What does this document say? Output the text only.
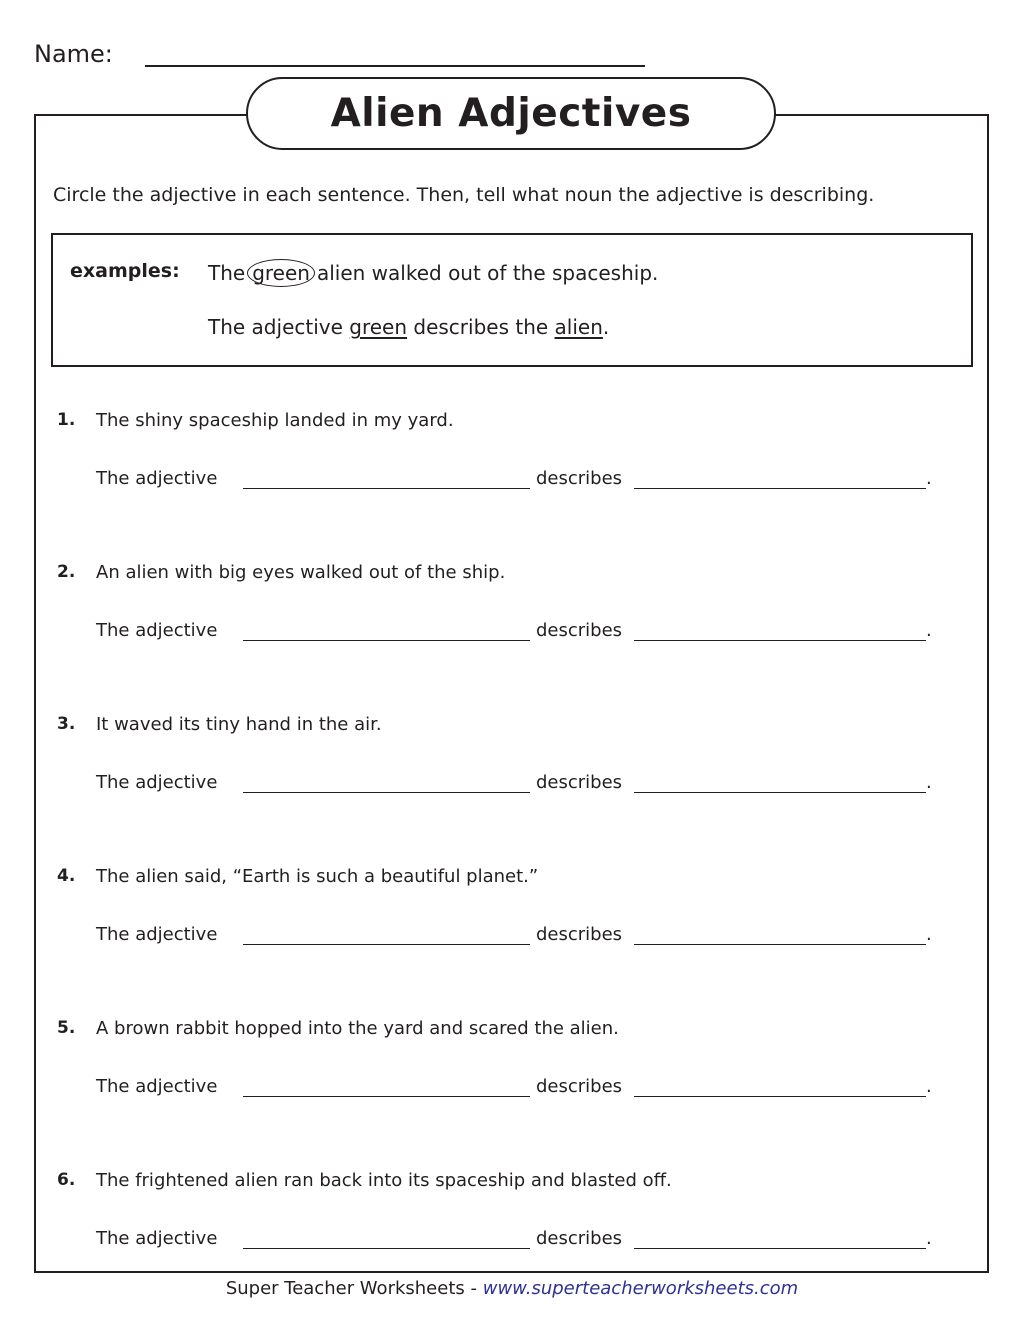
Name:
Alien Adjectives
Circle the adjective in each sentence. Then, tell what noun the adjective is describing.
examples: The green alien walked out of the spaceship.
The adjective green describes the alien.
1. The shiny spaceship landed in my yard.
The adjective	describes	.
2. An alien with big eyes walked out of the ship.
The adjective	describes	.
3. It waved its tiny hand in the air.
The adjective	describes	.
4. The alien said, “Earth is such a beautiful planet.”
The adjective	describes	.
5. A brown rabbit hopped into the yard and scared the alien.
The adjective	describes	.
6. The frightened alien ran back into its spaceship and blasted off.
The adjective	describes	.
Super Teacher Worksheets - www.superteacherworksheets.com
